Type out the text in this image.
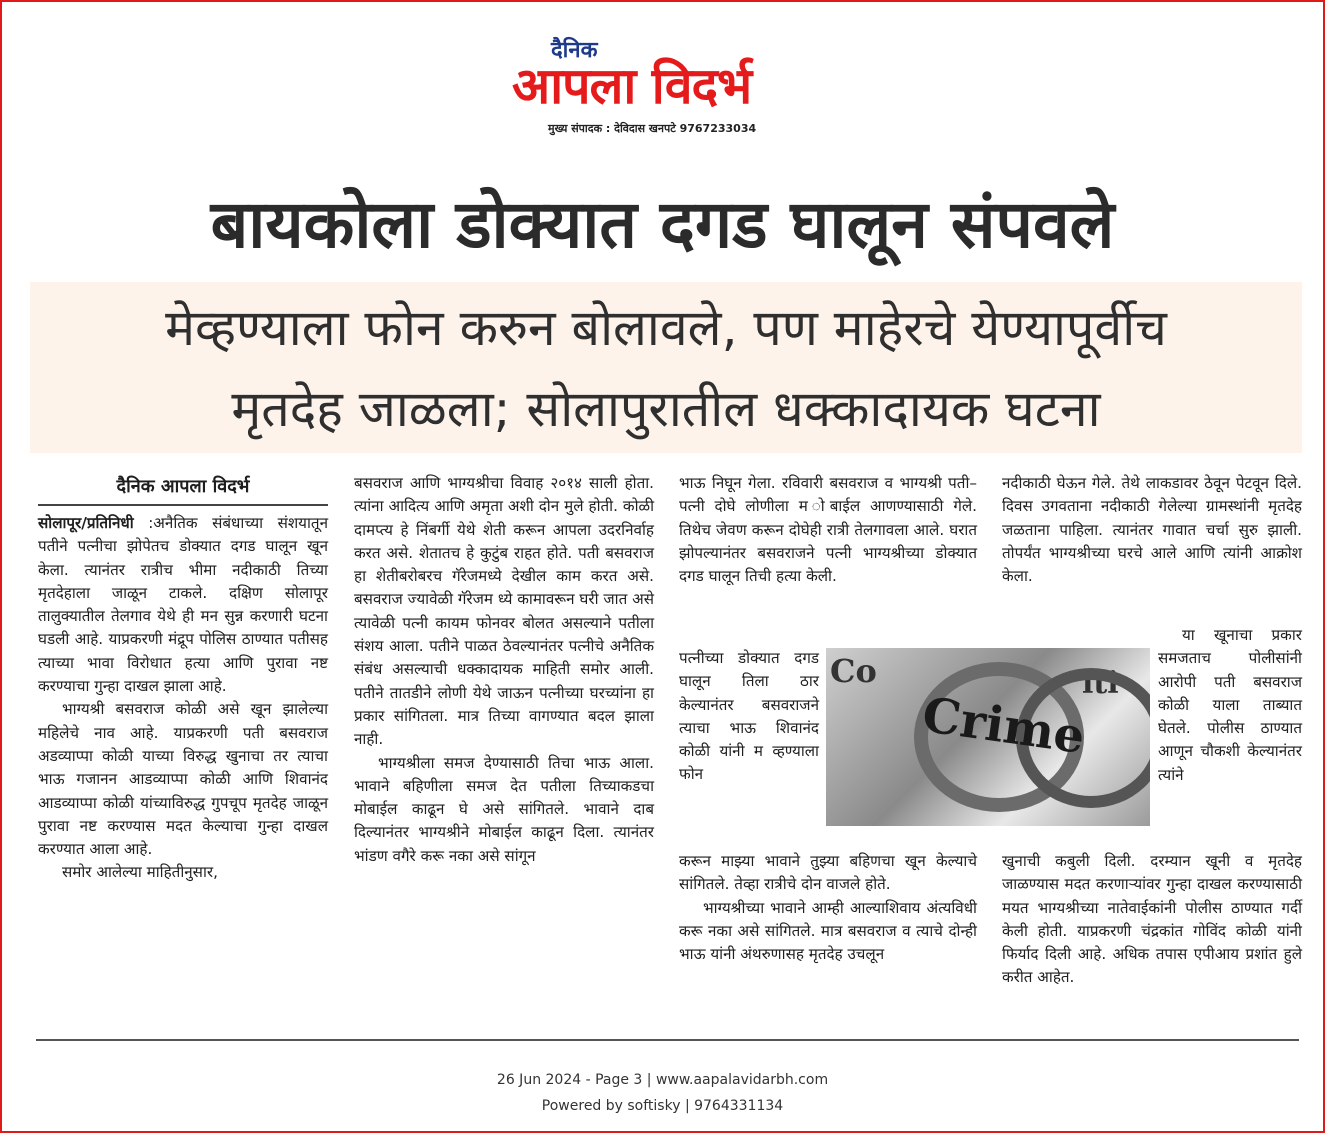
दैनिक
आपला विदर्भ
मुख्य संपादक : देविदास खनपटे 9767233034
बायकोला डोक्यात दगड घालून संपवले
मेव्हण्याला फोन करुन बोलावले, पण माहेरचे येण्यापूर्वीच
मृतदेह जाळला; सोलापुरातील धक्कादायक घटना
दैनिक आपला विदर्भ

सोलापूर/प्रतिनिधी :अनैतिक संबंधाच्या संशयातून पतीने पत्नीचा झोपेतच डोक्यात दगड घालून खून केला. त्यानंतर रात्रीच भीमा नदीकाठी तिच्या मृतदेहाला जाळून टाकले. दक्षिण सोलापूर तालुक्यातील तेलगाव येथे ही मन सुन्न करणारी घटना घडली आहे. याप्रकरणी मंद्रूप पोलिस ठाण्यात पतीसह त्याच्या भावा विरोधात हत्या आणि पुरावा नष्ट करण्याचा गुन्हा दाखल झाला आहे.

भाग्यश्री बसवराज कोळी असे खून झालेल्या महिलेचे नाव आहे. याप्रकरणी पती बसवराज अडव्याप्पा कोळी याच्या विरुद्ध खुनाचा तर त्याचा भाऊ गजानन आडव्याप्पा कोळी आणि शिवानंद आडव्याप्पा कोळी यांच्याविरुद्ध गुपचूप मृतदेह जाळून पुरावा नष्ट करण्यास मदत केल्याचा गुन्हा दाखल करण्यात आला आहे.

समोर आलेल्या माहितीनुसार,

बसवराज आणि भाग्यश्रीचा विवाह २०१४ साली होता. त्यांना आदित्य आणि अमृता अशी दोन मुले होती. कोळी दामप्त्य हे निंबर्गी येथे शेती करून आपला उदरनिर्वाह करत असे. शेतातच हे कुटुंब राहत होते. पती बसवराज हा शेतीबरोबरच गॅरेजमध्ये देखील काम करत असे. बसवराज ज्यावेळी गॅरेजम ध्ये कामावरून घरी जात असे त्यावेळी पत्नी कायम फोनवर बोलत असल्याने पतीला संशय आला. पतीने पाळत ठेवल्यानंतर पत्नीचे अनैतिक संबंध असल्याची धक्कादायक माहिती समोर आली. पतीने तातडीने लोणी येथे जाऊन पत्नीच्या घरच्यांना हा प्रकार सांगितला. मात्र तिच्या वागण्यात बदल झाला नाही.

भाग्यश्रीला समज देण्यासाठी तिचा भाऊ आला. भावाने बहिणीला समज देत पतीला तिच्याकडचा मोबाईल काढून घे असे सांगितले. भावाने दाब दिल्यानंतर भाग्यश्रीने मोबाईल काढून दिला. त्यानंतर भांडण वगैरे करू नका असे सांगून

भाऊ निघून गेला. रविवारी बसवराज व भाग्यश्री पती–पत्नी दोघे लोणीला म ोबाईल आणण्यासाठी गेले. तिथेच जेवण करून दोघेही रात्री तेलगावला आले. घरात झोपल्यानंतर बसवराजने पत्नी भाग्यश्रीच्या डोक्यात दगड घालून तिची हत्या केली.

पत्नीच्या डोक्यात दगड घालून तिला ठार केल्यानंतर बसवराजने त्याचा भाऊ शिवानंद कोळी यांनी म व्हण्याला फोन

करून माझ्या भावाने तुझ्या बहिणचा खून केल्याचे सांगितले. तेव्हा रात्रीचे दोन वाजले होते.

भाग्यश्रीच्या भावाने आम्ही आल्याशिवाय अंत्यविधी करू नका असे सांगितले. मात्र बसवराज व त्याचे दोन्ही भाऊ यांनी अंथरुणासह मृतदेह उचलून

नदीकाठी घेऊन गेले. तेथे लाकडावर ठेवून पेटवून दिले. दिवस उगवताना नदीकाठी गेलेल्या ग्रामस्थांनी मृतदेह जळताना पाहिला. त्यानंतर गावात चर्चा सुरु झाली. तोपर्यंत भाग्यश्रीच्या घरचे आले आणि त्यांनी आक्रोश केला.

या खूनाचा प्रकार समजताच पोलीसांनी आरोपी पती बसवराज कोळी याला ताब्यात घेतले. पोलीस ठाण्यात आणून चौकशी केल्यानंतर त्यांने

खुनाची कबुली दिली. दरम्यान खूनी व मृतदेह जाळण्यास मदत करणाऱ्यांवर गुन्हा दाखल करण्यासाठी मयत भाग्यश्रीच्या नातेवाईकांनी पोलीस ठाण्यात गर्दी केली होती. याप्रकरणी चंद्रकांत गोविंद कोळी यांनी फिर्याद दिली आहे. अधिक तपास एपीआय प्रशांत हुले करीत आहेत.

Co	iti
Crime
26 Jun 2024 - Page 3 | www.aapalavidarbh.com
Powered by softisky | 9764331134
